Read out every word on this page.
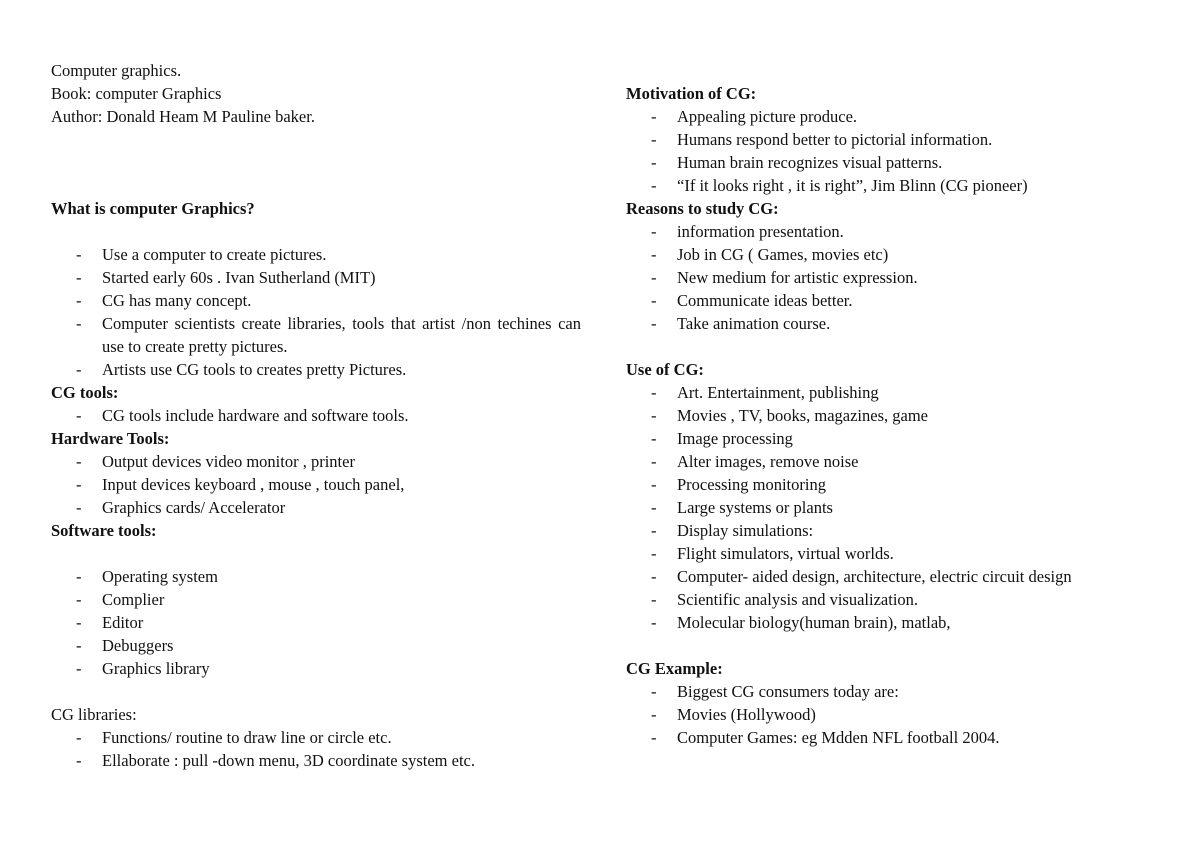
Computer graphics.
Book: computer Graphics
Author: Donald Heam M Pauline baker.
What is computer Graphics?
- Use a computer to create pictures.
- Started early 60s . Ivan Sutherland (MIT)
- CG has many concept.
- Computer scientists create libraries, tools that artist /non techines can use to create pretty pictures.
- Artists use CG tools to creates pretty Pictures.
CG tools:
- CG tools include hardware and software tools.
Hardware Tools:
- Output devices video monitor , printer
- Input devices keyboard , mouse , touch panel,
- Graphics cards/ Accelerator
Software tools:
- Operating system
- Complier
- Editor
- Debuggers
- Graphics library
CG libraries:
- Functions/ routine to draw line or circle etc.
- Ellaborate : pull -down menu, 3D coordinate system etc.
Motivation of CG:
- Appealing picture produce.
- Humans respond better to pictorial information.
- Human brain recognizes visual patterns.
- “If it looks right , it is right”, Jim Blinn (CG pioneer)
Reasons to study CG:
- information presentation.
- Job in CG ( Games, movies etc)
- New medium for artistic expression.
- Communicate ideas better.
- Take animation course.
Use of CG:
- Art. Entertainment, publishing
- Movies , TV, books, magazines, game
- Image processing
- Alter images, remove noise
- Processing monitoring
- Large systems or plants
- Display simulations:
- Flight simulators, virtual worlds.
- Computer- aided design, architecture, electric circuit design
- Scientific analysis and visualization.
- Molecular biology(human brain), matlab,
CG Example:
- Biggest CG consumers today are:
- Movies (Hollywood)
- Computer Games: eg Mdden NFL football 2004.
